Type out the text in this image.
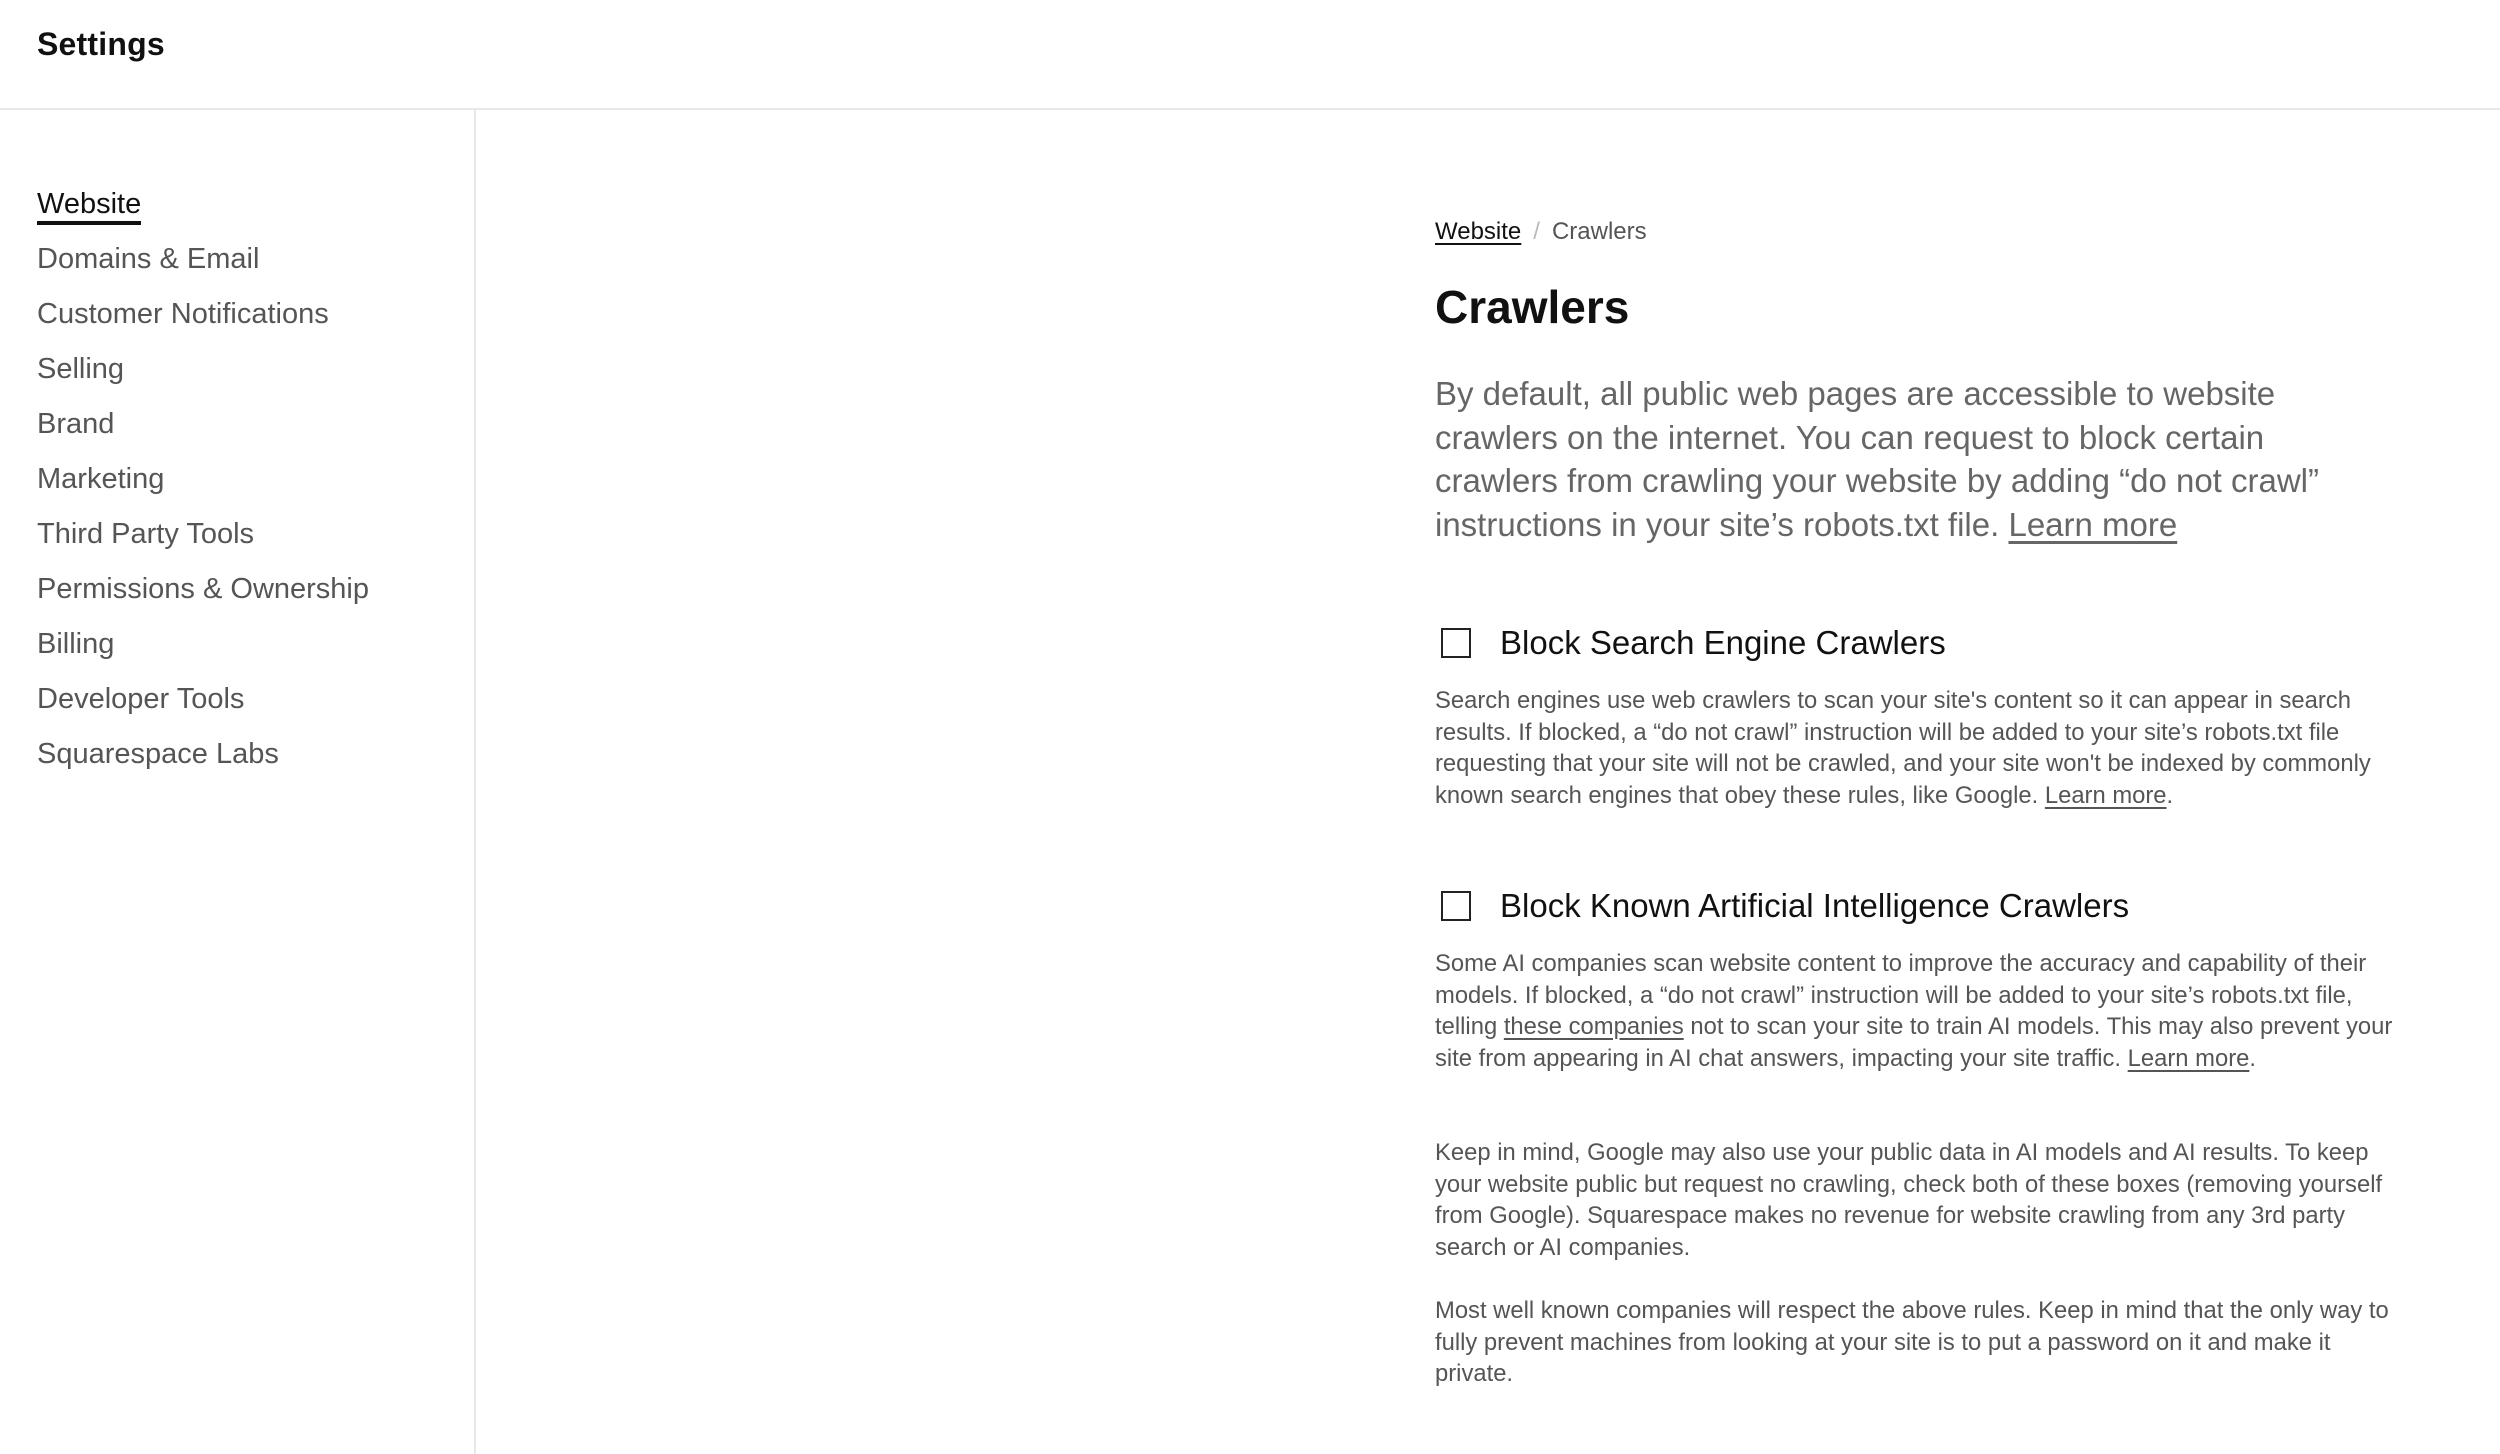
Settings
Website
Domains & Email
Customer Notifications
Selling
Brand
Marketing
Third Party Tools
Permissions & Ownership
Billing
Developer Tools
Squarespace Labs
Website / Crawlers
Crawlers

By default, all public web pages are accessible to website crawlers on the internet. You can request to block certain crawlers from crawling your website by adding “do not crawl” instructions in your site’s robots.txt file. Learn more

Block Search Engine Crawlers

Search engines use web crawlers to scan your site's content so it can appear in search results. If blocked, a “do not crawl” instruction will be added to your site’s robots.txt file requesting that your site will not be crawled, and your site won't be indexed by commonly known search engines that obey these rules, like Google. Learn more.

Block Known Artificial Intelligence Crawlers

Some AI companies scan website content to improve the accuracy and capability of their models. If blocked, a “do not crawl” instruction will be added to your site’s robots.txt file, telling these companies not to scan your site to train AI models. This may also prevent your site from appearing in AI chat answers, impacting your site traffic. Learn more.

Keep in mind, Google may also use your public data in AI models and AI results. To keep your website public but request no crawling, check both of these boxes (removing yourself from Google). Squarespace makes no revenue for website crawling from any 3rd party search or AI companies.

Most well known companies will respect the above rules. Keep in mind that the only way to fully prevent machines from looking at your site is to put a password on it and make it private.
